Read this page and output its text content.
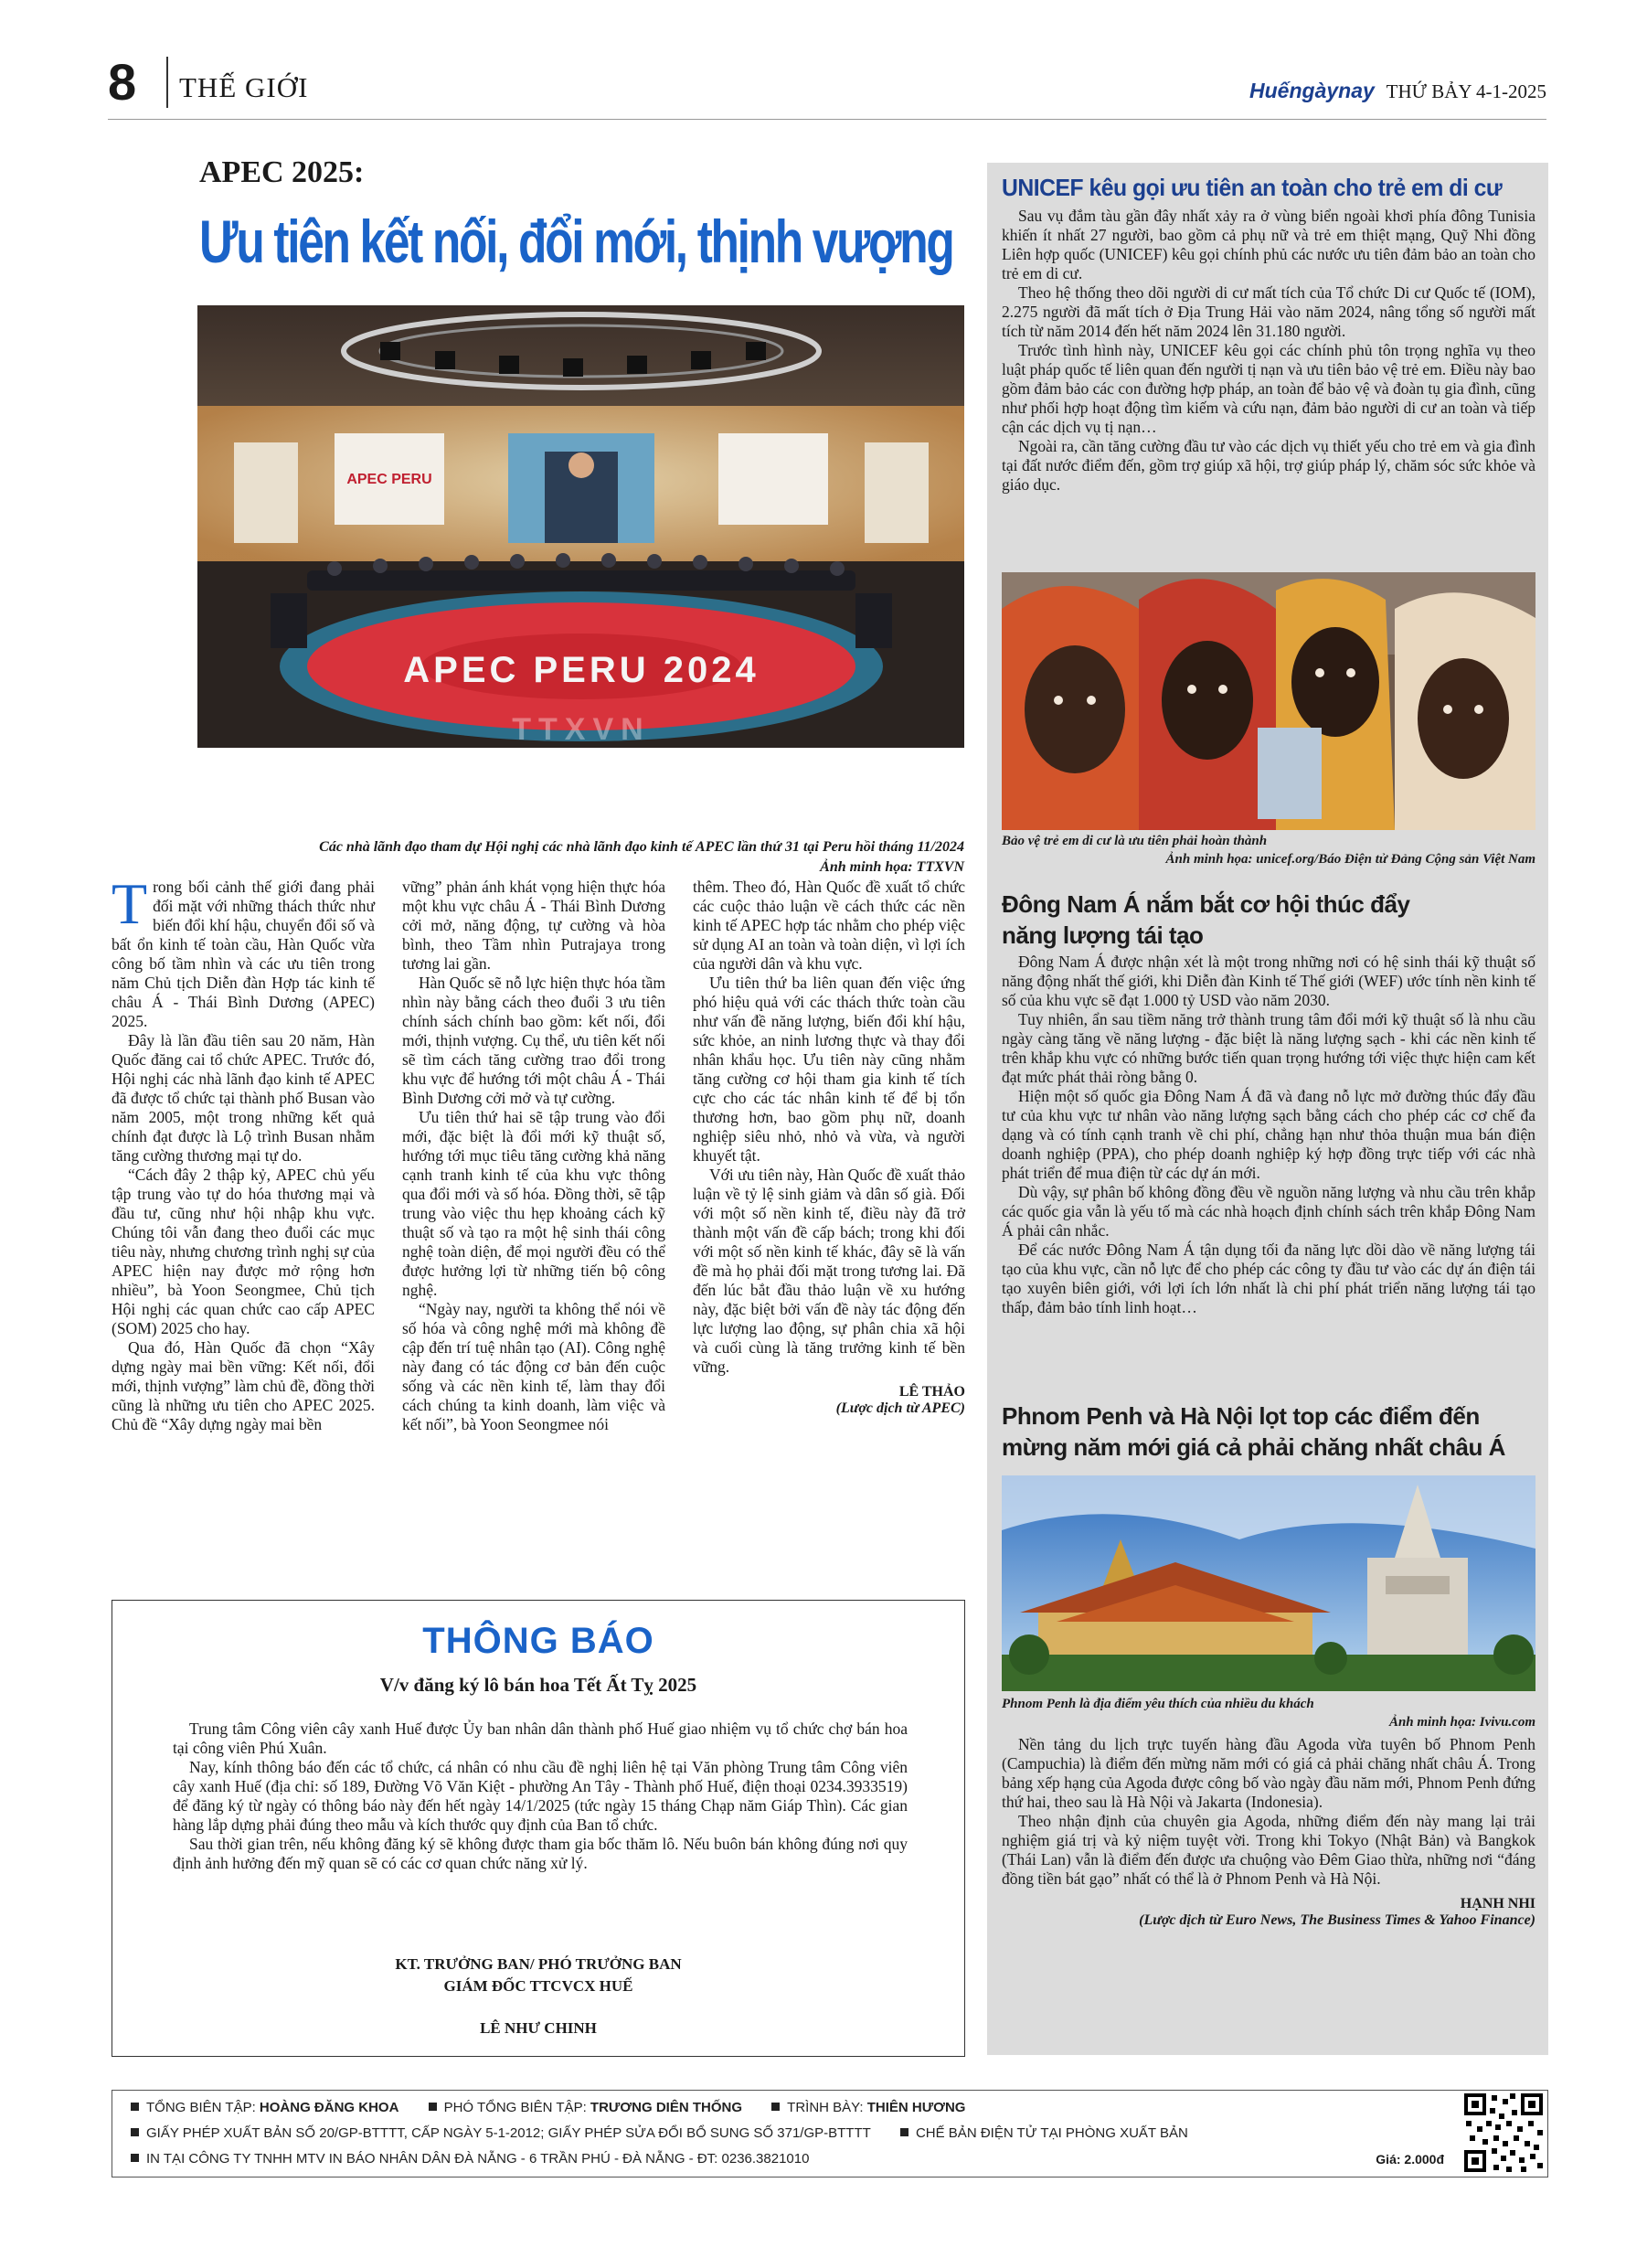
8 THẾ GIỚI	Huếngàynay THỨ BẢY 4-1-2025
APEC 2025:
Ưu tiên kết nối, đổi mới, thịnh vượng
APEC PERU
APEC PERU 2024
TTXVN
Các nhà lãnh đạo tham dự Hội nghị các nhà lãnh đạo kinh tế APEC lần thứ 31 tại Peru hồi tháng 11/2024
Ảnh minh họa: TTXVN

Trong bối cảnh thế giới đang phải đối mặt với những thách thức như biến đổi khí hậu, chuyển đổi số và bất ổn kinh tế toàn cầu, Hàn Quốc vừa công bố tầm nhìn và các ưu tiên trong năm Chủ tịch Diễn đàn Hợp tác kinh tế châu Á - Thái Bình Dương (APEC) 2025.

Đây là lần đầu tiên sau 20 năm, Hàn Quốc đăng cai tổ chức APEC. Trước đó, Hội nghị các nhà lãnh đạo kinh tế APEC đã được tổ chức tại thành phố Busan vào năm 2005, một trong những kết quả chính đạt được là Lộ trình Busan nhằm tăng cường thương mại tự do.

“Cách đây 2 thập kỷ, APEC chủ yếu tập trung vào tự do hóa thương mại và đầu tư, cũng như hội nhập khu vực. Chúng tôi vẫn đang theo đuổi các mục tiêu này, nhưng chương trình nghị sự của APEC hiện nay được mở rộng hơn nhiều”, bà Yoon Seongmee, Chủ tịch Hội nghị các quan chức cao cấp APEC (SOM) 2025 cho hay.

Qua đó, Hàn Quốc đã chọn “Xây dựng ngày mai bền vững: Kết nối, đổi mới, thịnh vượng” làm chủ đề, đồng thời cũng là những ưu tiên cho APEC 2025. Chủ đề “Xây dựng ngày mai bền

vững” phản ánh khát vọng hiện thực hóa một khu vực châu Á - Thái Bình Dương cởi mở, năng động, tự cường và hòa bình, theo Tầm nhìn Putrajaya trong tương lai gần.

Hàn Quốc sẽ nỗ lực hiện thực hóa tầm nhìn này bằng cách theo đuổi 3 ưu tiên chính sách chính bao gồm: kết nối, đổi mới, thịnh vượng. Cụ thể, ưu tiên kết nối sẽ tìm cách tăng cường trao đổi trong khu vực để hướng tới một châu Á - Thái Bình Dương cởi mở và tự cường.

Ưu tiên thứ hai sẽ tập trung vào đổi mới, đặc biệt là đổi mới kỹ thuật số, hướng tới mục tiêu tăng cường khả năng cạnh tranh kinh tế của khu vực thông qua đổi mới và số hóa. Đồng thời, sẽ tập trung vào việc thu hẹp khoảng cách kỹ thuật số và tạo ra một hệ sinh thái công nghệ toàn diện, để mọi người đều có thể được hưởng lợi từ những tiến bộ công nghệ.

“Ngày nay, người ta không thể nói về số hóa và công nghệ mới mà không đề cập đến trí tuệ nhân tạo (AI). Công nghệ này đang có tác động cơ bản đến cuộc sống và các nền kinh tế, làm thay đổi cách chúng ta kinh doanh, làm việc và kết nối”, bà Yoon Seongmee nói

thêm. Theo đó, Hàn Quốc đề xuất tổ chức các cuộc thảo luận về cách thức các nền kinh tế APEC hợp tác nhằm cho phép việc sử dụng AI an toàn và toàn diện, vì lợi ích của người dân và khu vực.

Ưu tiên thứ ba liên quan đến việc ứng phó hiệu quả với các thách thức toàn cầu như vấn đề năng lượng, biến đổi khí hậu, sức khỏe, an ninh lương thực và thay đổi nhân khẩu học. Ưu tiên này cũng nhằm tăng cường cơ hội tham gia kinh tế tích cực cho các tác nhân kinh tế để bị tổn thương hơn, bao gồm phụ nữ, doanh nghiệp siêu nhỏ, nhỏ và vừa, và người khuyết tật.

Với ưu tiên này, Hàn Quốc đề xuất thảo luận về tỷ lệ sinh giảm và dân số già. Đối với một số nền kinh tế, điều này đã trở thành một vấn đề cấp bách; trong khi đối với một số nền kinh tế khác, đây sẽ là vấn đề mà họ phải đối mặt trong tương lai. Đã đến lúc bắt đầu thảo luận về xu hướng này, đặc biệt bởi vấn đề này tác động đến lực lượng lao động, sự phân chia xã hội và cuối cùng là tăng trưởng kinh tế bền vững.

LÊ THẢO
(Lược dịch từ APEC)
THÔNG BÁO
V/v đăng ký lô bán hoa Tết Ất Tỵ 2025

Trung tâm Công viên cây xanh Huế được Ủy ban nhân dân thành phố Huế giao nhiệm vụ tổ chức chợ bán hoa tại công viên Phú Xuân.

Nay, kính thông báo đến các tổ chức, cá nhân có nhu cầu đề nghị liên hệ tại Văn phòng Trung tâm Công viên cây xanh Huế (địa chỉ: số 189, Đường Võ Văn Kiệt - phường An Tây - Thành phố Huế, điện thoại 0234.3933519) để đăng ký từ ngày có thông báo này đến hết ngày 14/1/2025 (tức ngày 15 tháng Chạp năm Giáp Thìn). Các gian hàng lắp dựng phải đúng theo mẫu và kích thước quy định của Ban tổ chức.

Sau thời gian trên, nếu không đăng ký sẽ không được tham gia bốc thăm lô. Nếu buôn bán không đúng nơi quy định ảnh hưởng đến mỹ quan sẽ có các cơ quan chức năng xử lý.

KT. TRƯỞNG BAN/ PHÓ TRƯỞNG BAN
GIÁM ĐỐC TTCVCX HUẾ
LÊ NHƯ CHINH
UNICEF kêu gọi ưu tiên an toàn cho trẻ em di cư

Sau vụ đắm tàu gần đây nhất xảy ra ở vùng biển ngoài khơi phía đông Tunisia khiến ít nhất 27 người, bao gồm cả phụ nữ và trẻ em thiệt mạng, Quỹ Nhi đồng Liên hợp quốc (UNICEF) kêu gọi chính phủ các nước ưu tiên đảm bảo an toàn cho trẻ em di cư.

Theo hệ thống theo dõi người di cư mất tích của Tổ chức Di cư Quốc tế (IOM), 2.275 người đã mất tích ở Địa Trung Hải vào năm 2024, nâng tổng số người mất tích từ năm 2014 đến hết năm 2024 lên 31.180 người.

Trước tình hình này, UNICEF kêu gọi các chính phủ tôn trọng nghĩa vụ theo luật pháp quốc tế liên quan đến người tị nạn và ưu tiên bảo vệ trẻ em. Điều này bao gồm đảm bảo các con đường hợp pháp, an toàn để bảo vệ và đoàn tụ gia đình, cũng như phối hợp hoạt động tìm kiếm và cứu nạn, đảm bảo người di cư an toàn và tiếp cận các dịch vụ tị nạn…

Ngoài ra, cần tăng cường đầu tư vào các dịch vụ thiết yếu cho trẻ em và gia đình tại đất nước điểm đến, gồm trợ giúp xã hội, trợ giúp pháp lý, chăm sóc sức khỏe và giáo dục.

Bảo vệ trẻ em di cư là ưu tiên phải hoàn thành
Ảnh minh họa: unicef.org/Báo Điện tử Đảng Cộng sản Việt Nam
Đông Nam Á nắm bắt cơ hội thúc đẩy
năng lượng tái tạo

Đông Nam Á được nhận xét là một trong những nơi có hệ sinh thái kỹ thuật số năng động nhất thế giới, khi Diễn đàn Kinh tế Thế giới (WEF) ước tính nền kinh tế số của khu vực sẽ đạt 1.000 tỷ USD vào năm 2030.

Tuy nhiên, ẩn sau tiềm năng trở thành trung tâm đổi mới kỹ thuật số là nhu cầu ngày càng tăng về năng lượng - đặc biệt là năng lượng sạch - khi các nền kinh tế trên khắp khu vực có những bước tiến quan trọng hướng tới việc thực hiện cam kết đạt mức phát thải ròng bằng 0.

Hiện một số quốc gia Đông Nam Á đã và đang nỗ lực mở đường thúc đẩy đầu tư của khu vực tư nhân vào năng lượng sạch bằng cách cho phép các cơ chế đa dạng và có tính cạnh tranh về chi phí, chẳng hạn như thỏa thuận mua bán điện doanh nghiệp (PPA), cho phép doanh nghiệp ký hợp đồng trực tiếp với các nhà phát triển để mua điện từ các dự án mới.

Dù vậy, sự phân bố không đồng đều về nguồn năng lượng và nhu cầu trên khắp các quốc gia vẫn là yếu tố mà các nhà hoạch định chính sách trên khắp Đông Nam Á phải cân nhắc.

Để các nước Đông Nam Á tận dụng tối đa năng lực dồi dào về năng lượng tái tạo của khu vực, cần nỗ lực để cho phép các công ty đầu tư vào các dự án điện tái tạo xuyên biên giới, với lợi ích lớn nhất là chi phí phát triển năng lượng tái tạo thấp, đảm bảo tính linh hoạt…

Phnom Penh và Hà Nội lọt top các điểm đến
mừng năm mới giá cả phải chăng nhất châu Á
Phnom Penh là địa điểm yêu thích của nhiều du khách
Ảnh minh họa: Ivivu.com

Nền tảng du lịch trực tuyến hàng đầu Agoda vừa tuyên bố Phnom Penh (Campuchia) là điểm đến mừng năm mới có giá cả phải chăng nhất châu Á. Trong bảng xếp hạng của Agoda được công bố vào ngày đầu năm mới, Phnom Penh đứng thứ hai, theo sau là Hà Nội và Jakarta (Indonesia).

Theo nhận định của chuyên gia Agoda, những điểm đến này mang lại trải nghiệm giá trị và kỷ niệm tuyệt vời. Trong khi Tokyo (Nhật Bản) và Bangkok (Thái Lan) vẫn là điểm đến được ưa chuộng vào Đêm Giao thừa, những nơi “đáng đồng tiền bát gạo” nhất có thể là ở Phnom Penh và Hà Nội.

HẠNH NHI
(Lược dịch từ Euro News, The Business Times & Yahoo Finance)
TỔNG BIÊN TẬP: HOÀNG ĐĂNG KHOA	PHÓ TỔNG BIÊN TẬP: TRƯƠNG DIÊN THỐNG	TRÌNH BÀY: THIÊN HƯƠNG
GIẤY PHÉP XUẤT BẢN SỐ 20/GP-BTTTT, CẤP NGÀY 5-1-2012; GIẤY PHÉP SỬA ĐỔI BỔ SUNG SỐ 371/GP-BTTTT	CHẾ BẢN ĐIỆN TỬ TẠI PHÒNG XUẤT BẢN
IN TẠI CÔNG TY TNHH MTV IN BÁO NHÂN DÂN ĐÀ NẴNG - 6 TRẦN PHÚ - ĐÀ NẴNG - ĐT: 0236.3821010	Giá: 2.000đ
